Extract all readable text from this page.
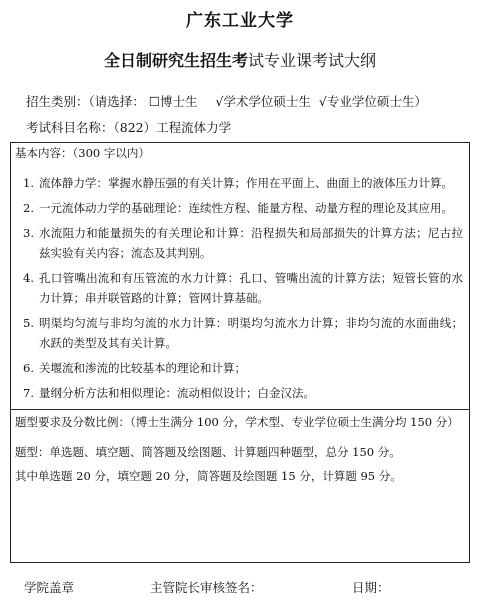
广东工业大学
全日制研究生招生考试专业课考试大纲
招生类别：（请选择： ☐博士生 √学术学位硕士生 √专业学位硕士生）
考试科目名称：（822）工程流体力学
基本内容：（300 字以内）
1. 流体静力学：掌握水静压强的有关计算；作用在平面上、曲面上的液体压力计算。
2. 一元流体动力学的基础理论：连续性方程、能量方程、动量方程的理论及其应用。
3. 水流阻力和能量损失的有关理论和计算：沿程损失和局部损失的计算方法；尼古拉兹实验有关内容；流态及其判别。
4. 孔口管嘴出流和有压管流的水力计算：孔口、管嘴出流的计算方法；短管长管的水力计算；串并联管路的计算；管网计算基础。
5. 明渠均匀流与非均匀流的水力计算：明渠均匀流水力计算；非均匀流的水面曲线；水跃的类型及其有关计算。
6. 关堰流和渗流的比较基本的理论和计算；
7. 量纲分析方法和相似理论：流动相似设计；白金汉法。
题型要求及分数比例：（博士生满分 100 分，学术型、专业学位硕士生满分均 150 分）
题型：单选题、填空题、简答题及绘图题、计算题四种题型，总分 150 分。
其中单选题 20 分，填空题 20 分，简答题及绘图题 15 分，计算题 95 分。
学院盖章	主管院长审核签名：	日期：
